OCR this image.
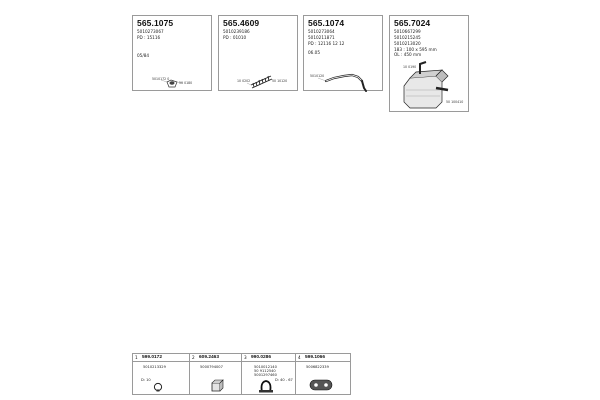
565.1075
5010273067
PD : 15116
05/84
5010172 0
50 0180
565.4609
5010239186
PD : 01010
10 0202	50 10120
565.1074
5010273064
5010211871
PD : 12116 12 12
06.05
5010120
565.7024
5010667299
5010215245
5010213020
183 : 100 x 595 mm
OL : 450 mm
10 0190
50 100410
1 599.0172
5010213329
D: 10
2 609.2463
5000794007
3 990.0286
5010012140
50 9112540
5001297460
D: 40 - 67
4 599.1066
5006822339
